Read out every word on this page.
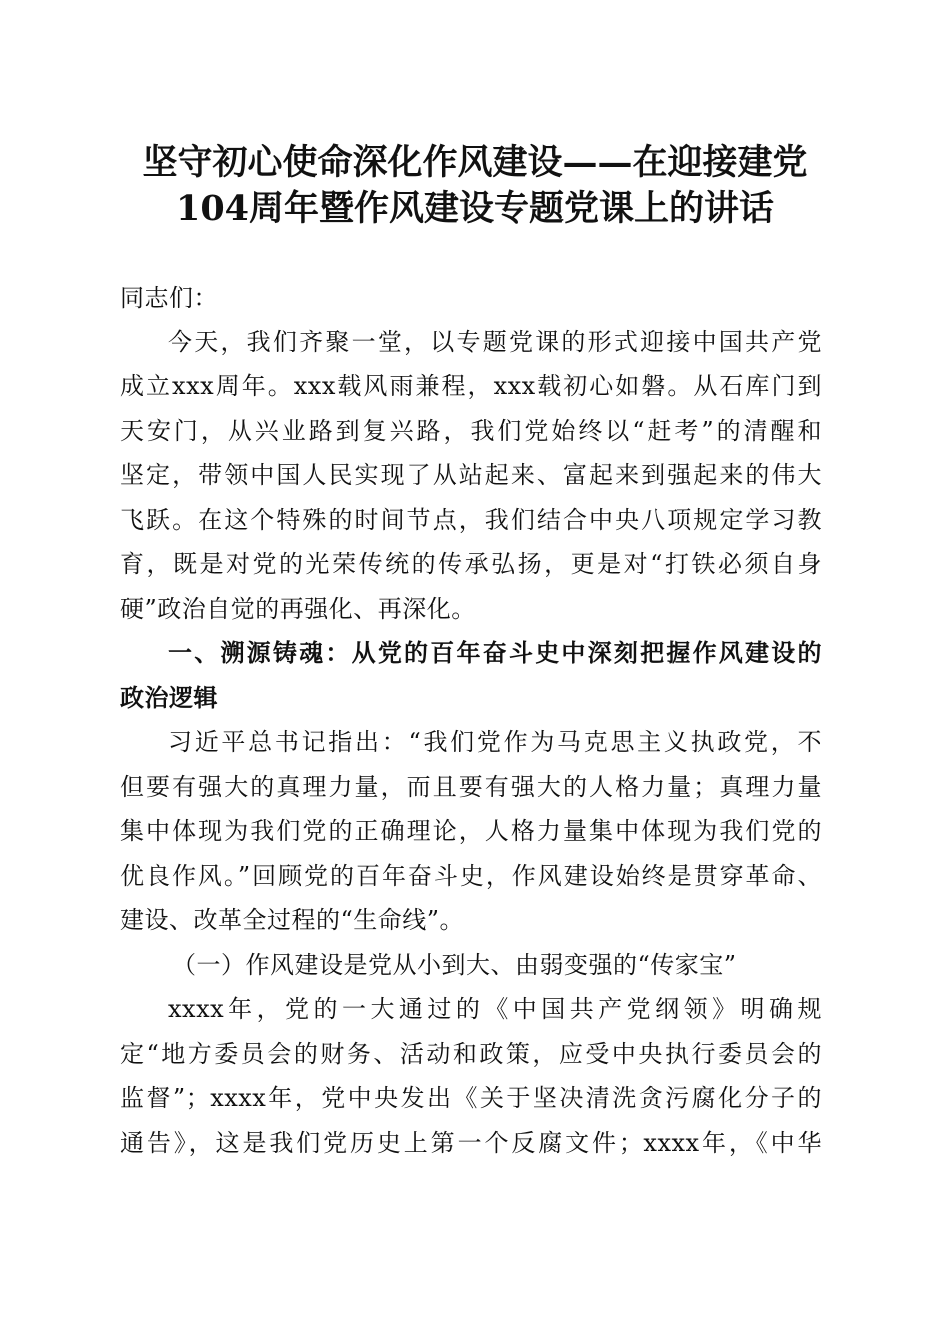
坚守初心使命深化作风建设——在迎接建党
104周年暨作风建设专题党课上的讲话
同志们：
今天，我们齐聚一堂，以专题党课的形式迎接中国共产党
成立xxx周年。xxx载风雨兼程，xxx载初心如磐。从石库门到
天安门，从兴业路到复兴路，我们党始终以“赶考”的清醒和
坚定，带领中国人民实现了从站起来、富起来到强起来的伟大
飞跃。在这个特殊的时间节点，我们结合中央八项规定学习教
育，既是对党的光荣传统的传承弘扬，更是对“打铁必须自身
硬”政治自觉的再强化、再深化。
一、溯源铸魂：从党的百年奋斗史中深刻把握作风建设的
政治逻辑
习近平总书记指出：“我们党作为马克思主义执政党，不
但要有强大的真理力量，而且要有强大的人格力量；真理力量
集中体现为我们党的正确理论，人格力量集中体现为我们党的
优良作风。”回顾党的百年奋斗史，作风建设始终是贯穿革命、
建设、改革全过程的“生命线”。
（一）作风建设是党从小到大、由弱变强的“传家宝”
xxxx年，党的一大通过的《中国共产党纲领》明确规
定“地方委员会的财务、活动和政策，应受中央执行委员会的
监督”；xxxx年，党中央发出《关于坚决清洗贪污腐化分子的
通告》，这是我们党历史上第一个反腐文件；xxxx年，《中华
